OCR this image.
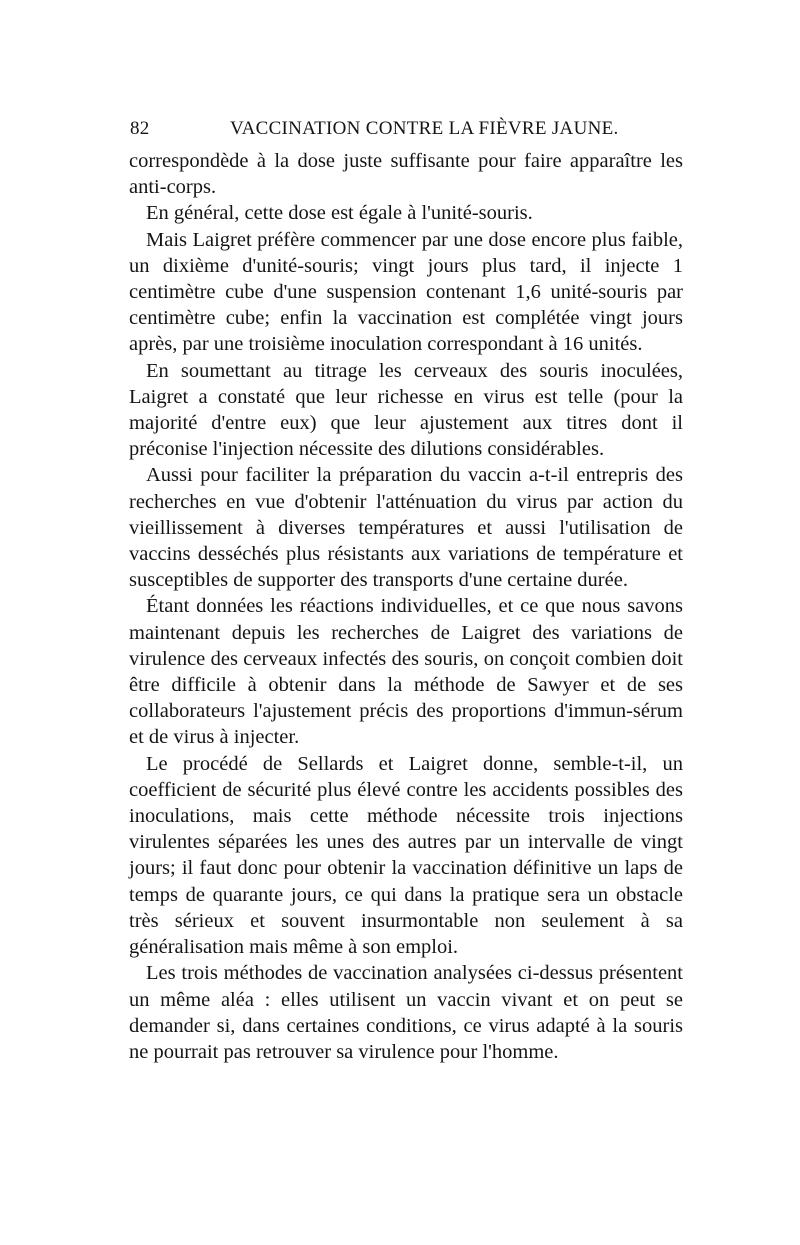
82	VACCINATION CONTRE LA FIÈVRE JAUNE.

correspondède à la dose juste suffisante pour faire apparaître les anti-corps.

En général, cette dose est égale à l'unité-souris.

Mais Laigret préfère commencer par une dose encore plus faible, un dixième d'unité-souris; vingt jours plus tard, il injecte 1 centimètre cube d'une suspension contenant 1,6 unité-souris par centimètre cube; enfin la vaccination est complétée vingt jours après, par une troisième inoculation correspondant à 16 unités.

En soumettant au titrage les cerveaux des souris inoculées, Laigret a constaté que leur richesse en virus est telle (pour la majorité d'entre eux) que leur ajustement aux titres dont il préconise l'injection nécessite des dilutions considérables.

Aussi pour faciliter la préparation du vaccin a-t-il entrepris des recherches en vue d'obtenir l'atténuation du virus par action du vieillissement à diverses températures et aussi l'utilisation de vaccins desséchés plus résistants aux variations de température et susceptibles de supporter des transports d'une certaine durée.

Étant données les réactions individuelles, et ce que nous savons maintenant depuis les recherches de Laigret des variations de virulence des cerveaux infectés des souris, on conçoit combien doit être difficile à obtenir dans la méthode de Sawyer et de ses collaborateurs l'ajustement précis des proportions d'immun-sérum et de virus à injecter.

Le procédé de Sellards et Laigret donne, semble-t-il, un coefficient de sécurité plus élevé contre les accidents possibles des inoculations, mais cette méthode nécessite trois injections virulentes séparées les unes des autres par un intervalle de vingt jours; il faut donc pour obtenir la vaccination définitive un laps de temps de quarante jours, ce qui dans la pratique sera un obstacle très sérieux et souvent insurmontable non seulement à sa généralisation mais même à son emploi.

Les trois méthodes de vaccination analysées ci-dessus présentent un même aléa : elles utilisent un vaccin vivant et on peut se demander si, dans certaines conditions, ce virus adapté à la souris ne pourrait pas retrouver sa virulence pour l'homme.
